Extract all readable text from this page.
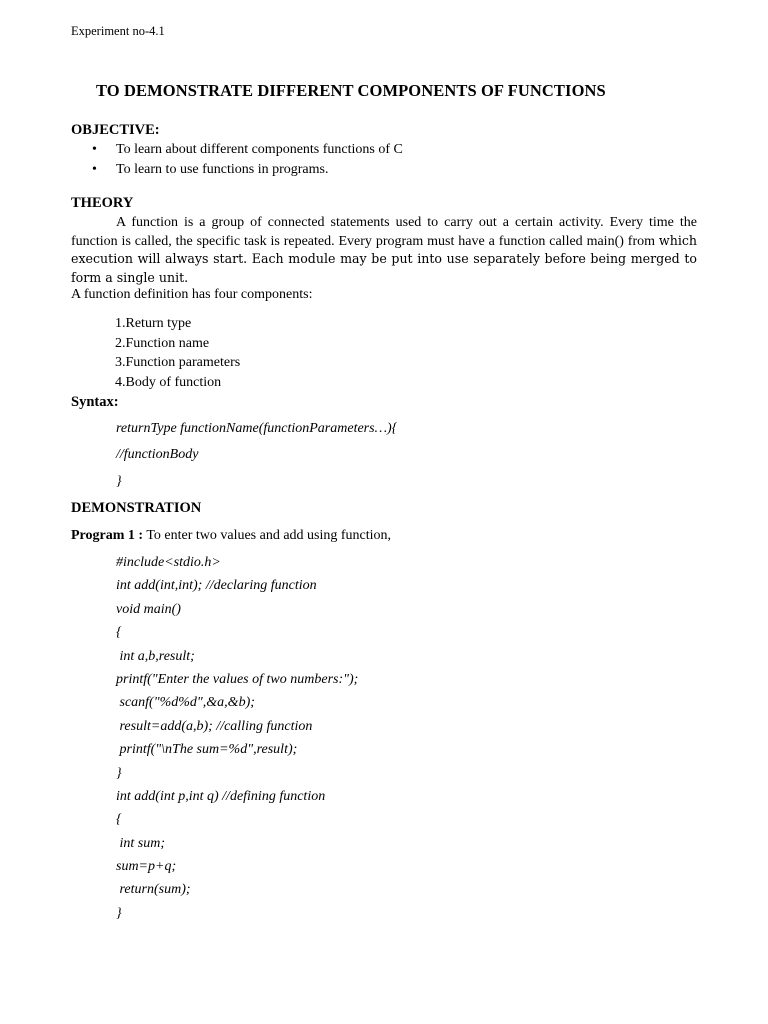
Experiment no-4.1
TO DEMONSTRATE DIFFERENT COMPONENTS OF FUNCTIONS
OBJECTIVE:
• To learn about different components functions of C
• To learn to use functions in programs.
THEORY
A function is a group of connected statements used to carry out a certain activity. Every time the function is called, the specific task is repeated. Every program must have a function called main() from which execution will always start. Each module may be put into use separately before being merged to form a single unit.
A function definition has four components:
1.Return type
2.Function name
3.Function parameters
4.Body of function
Syntax:
returnType functionName(functionParameters…){
//functionBody
}
DEMONSTRATION
Program 1 : To enter two values and add using function,
#include<stdio.h>
int add(int,int); //declaring function
void main()
{
int a,b,result;
printf("Enter the values of two numbers:");
scanf("%d%d",&a,&b);
result=add(a,b); //calling function
printf("\nThe sum=%d",result);
}
int add(int p,int q) //defining function
{
int sum;
sum=p+q;
return(sum);
}
